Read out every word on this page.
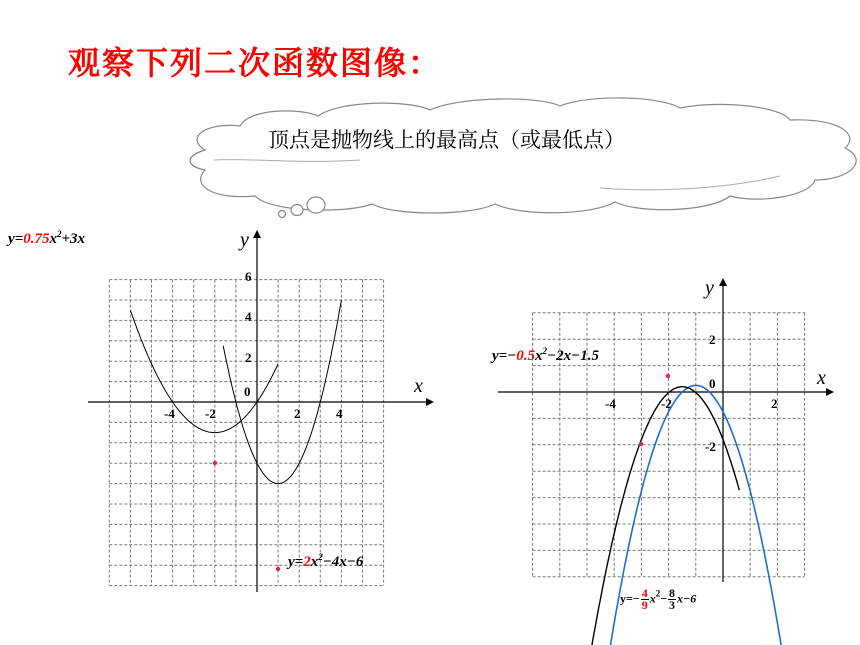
观察下列二次函数图像：
顶点是抛物线上的最高点（或最低点）
y
x
6
4
2
0
-4 -2	2	4
$y=0.75x^2+3x$
$y=2x^2-4x-6$
y
x
2
0
-2
-4	-2	2
$y=-0.5x^2-2x-1.5$
$y=- \frac{4}{9} x^2- \frac{8}{3} x-6$
